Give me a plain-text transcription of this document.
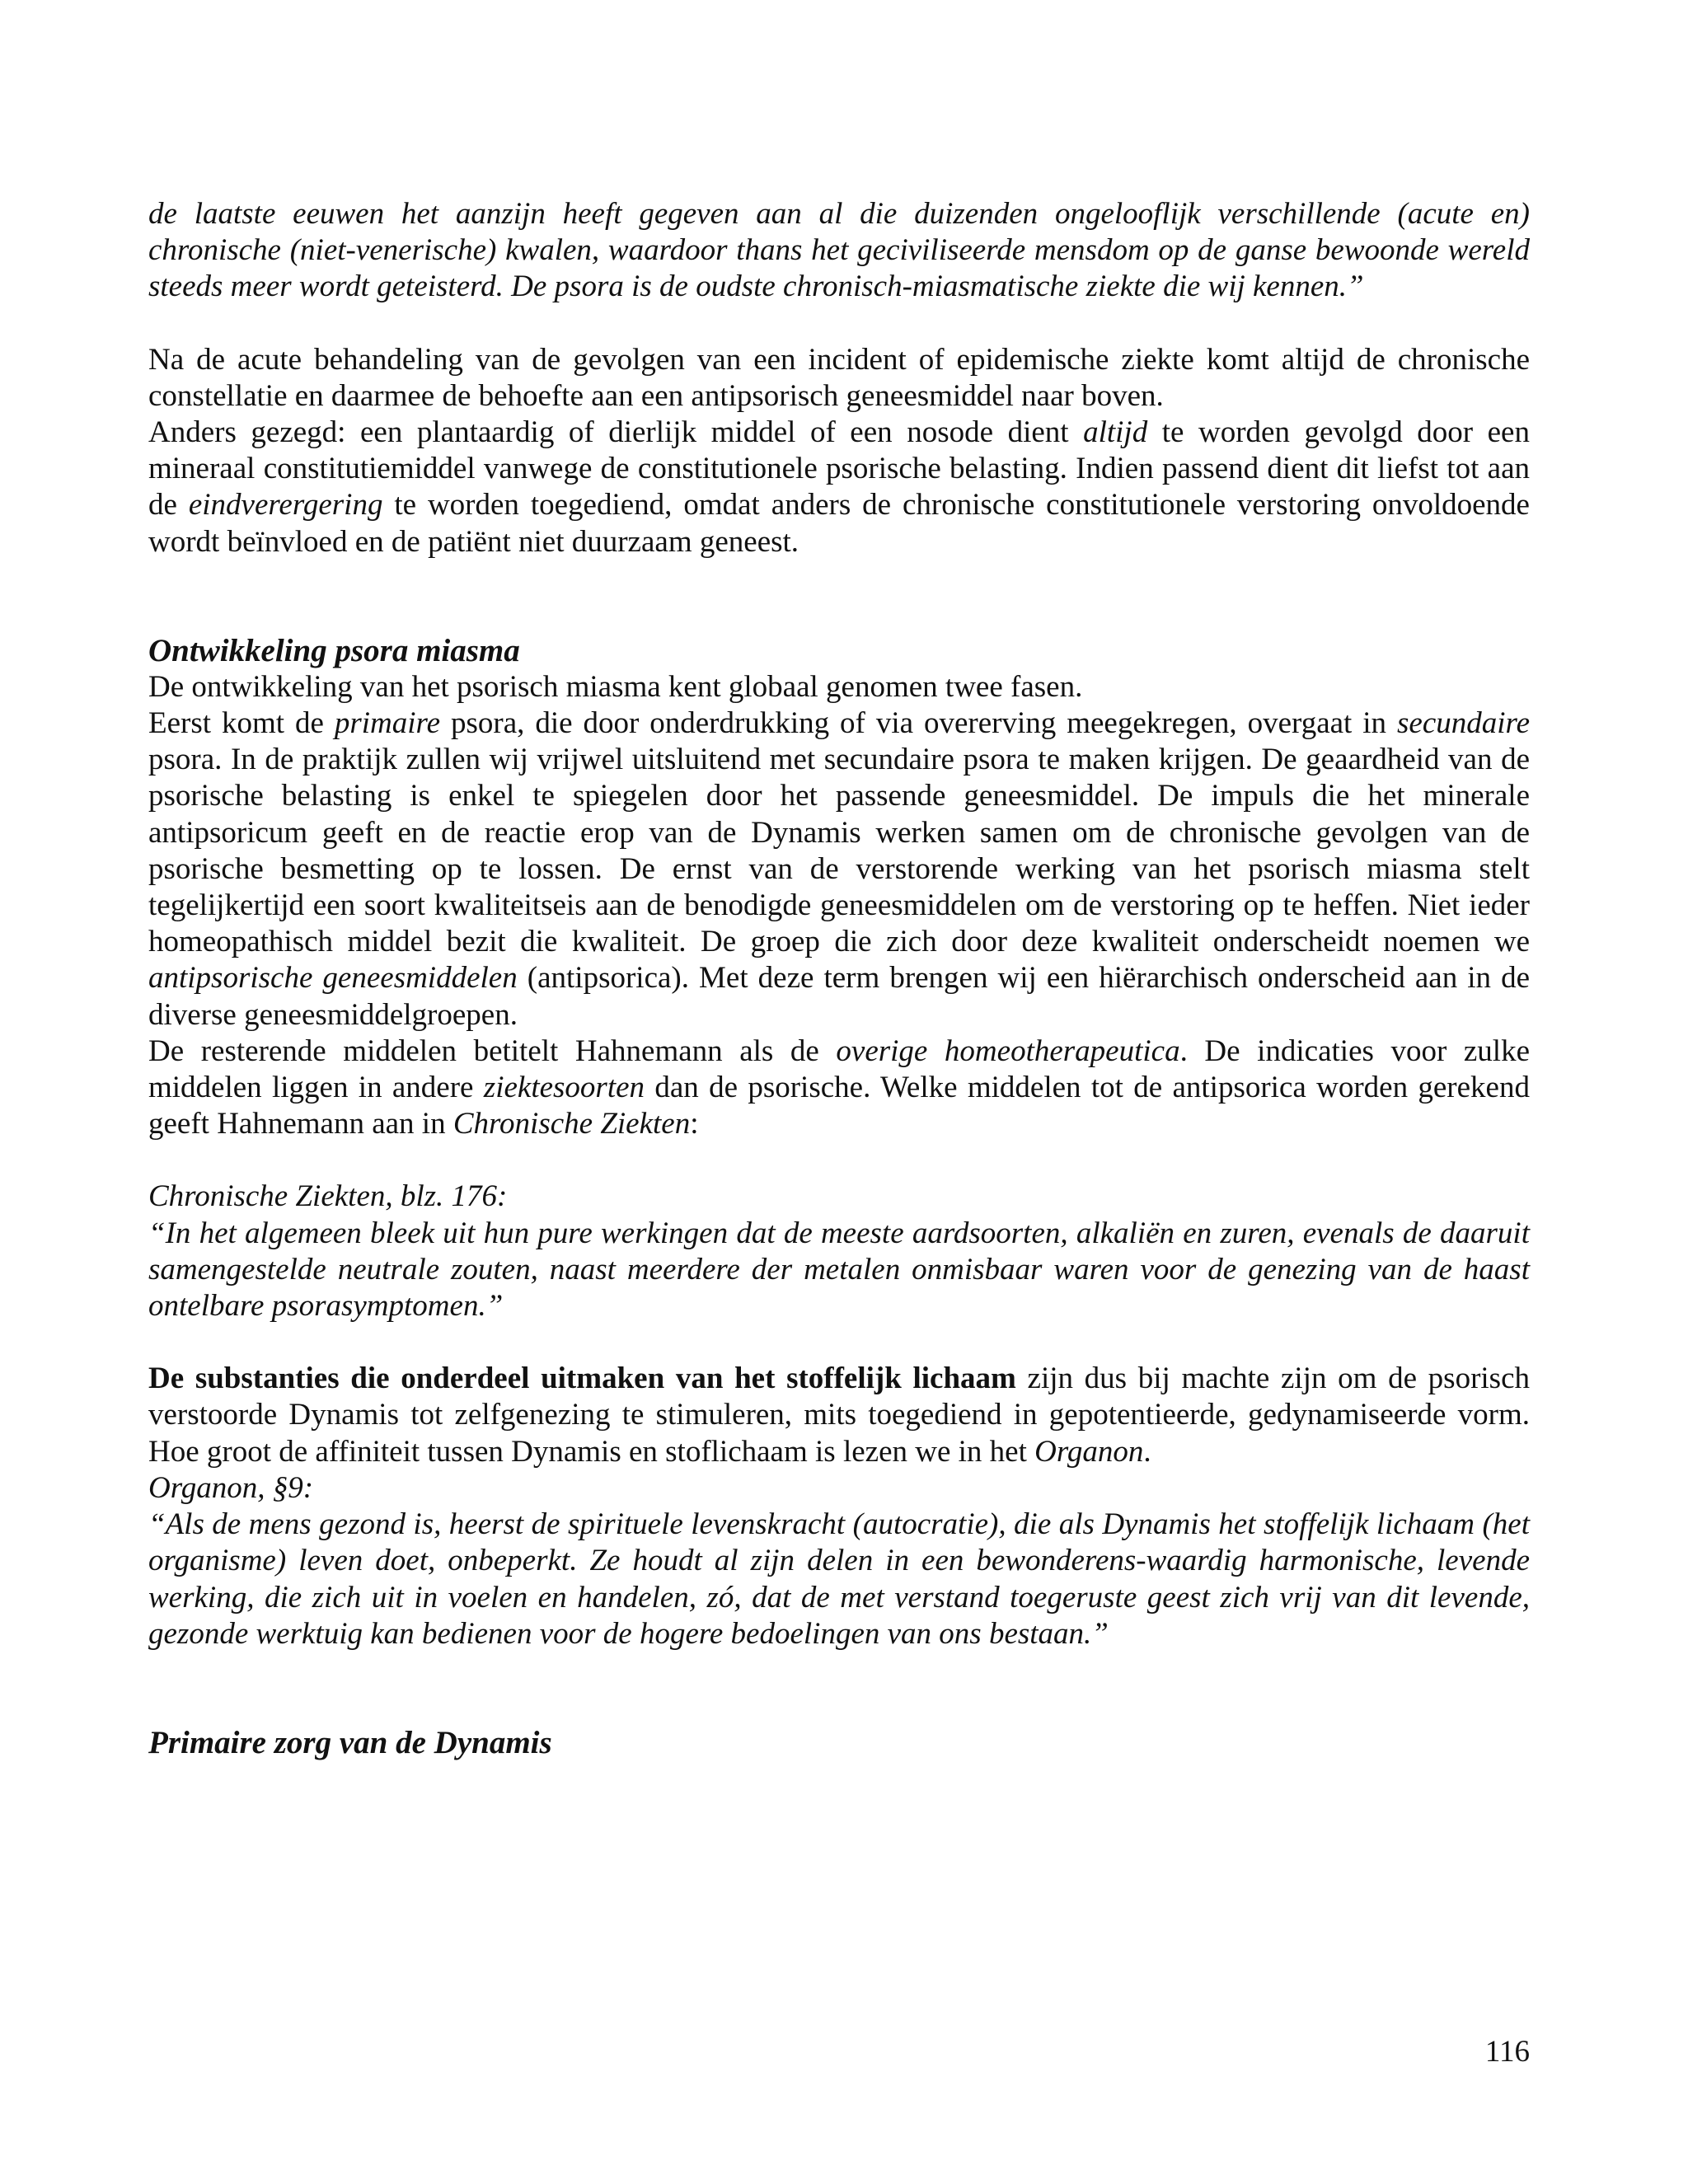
de laatste eeuwen het aanzijn heeft gegeven aan al die duizenden ongelooflijk verschillende (acute en) chronische (niet-venerische) kwalen, waardoor thans het geciviliseerde mensdom op de ganse bewoonde wereld steeds meer wordt geteisterd. De psora is de oudste chronisch-miasmatische ziekte die wij kennen.”

Na de acute behandeling van de gevolgen van een incident of epidemische ziekte komt altijd de chronische constellatie en daarmee de behoefte aan een antipsorisch geneesmiddel naar boven.

Anders gezegd: een plantaardig of dierlijk middel of een nosode dient altijd te worden gevolgd door een mineraal constitutiemiddel vanwege de constitutionele psorische belasting. Indien passend dient dit liefst tot aan de eindverergering te worden toegediend, omdat anders de chronische constitutionele verstoring onvoldoende wordt beïnvloed en de patiënt niet duurzaam geneest.

Ontwikkeling psora miasma

De ontwikkeling van het psorisch miasma kent globaal genomen twee fasen.

Eerst komt de primaire psora, die door onderdrukking of via overerving meegekregen, overgaat in secundaire psora. In de praktijk zullen wij vrijwel uitsluitend met secundaire psora te maken krijgen. De geaardheid van de psorische belasting is enkel te spiegelen door het passende geneesmiddel. De impuls die het minerale antipsoricum geeft en de reactie erop van de Dynamis werken samen om de chronische gevolgen van de psorische besmetting op te lossen. De ernst van de verstorende werking van het psorisch miasma stelt tegelijkertijd een soort kwaliteitseis aan de benodigde geneesmiddelen om de verstoring op te heffen. Niet ieder homeopathisch middel bezit die kwaliteit. De groep die zich door deze kwaliteit onderscheidt noemen we antipsorische geneesmiddelen (antipsorica). Met deze term brengen wij een hiërarchisch onderscheid aan in de diverse geneesmiddelgroepen.

De resterende middelen betitelt Hahnemann als de overige homeotherapeutica. De indicaties voor zulke middelen liggen in andere ziektesoorten dan de psorische. Welke middelen tot de antipsorica worden gerekend geeft Hahnemann aan in Chronische Ziekten:

Chronische Ziekten, blz. 176:

“In het algemeen bleek uit hun pure werkingen dat de meeste aardsoorten, alkaliën en zuren, evenals de daaruit samengestelde neutrale zouten, naast meerdere der metalen onmisbaar waren voor de genezing van de haast ontelbare psorasymptomen.”

De substanties die onderdeel uitmaken van het stoffelijk lichaam zijn dus bij machte zijn om de psorisch verstoorde Dynamis tot zelfgenezing te stimuleren, mits toegediend in gepotentieerde, gedynamiseerde vorm. Hoe groot de affiniteit tussen Dynamis en stoflichaam is lezen we in het Organon.

Organon, §9:

“Als de mens gezond is, heerst de spirituele levenskracht (autocratie), die als Dynamis het stoffelijk lichaam (het organisme) leven doet, onbeperkt. Ze houdt al zijn delen in een bewonderens-waardig harmonische, levende werking, die zich uit in voelen en handelen, zó, dat de met verstand toegeruste geest zich vrij van dit levende, gezonde werktuig kan bedienen voor de hogere bedoelingen van ons bestaan.”

Primaire zorg van de Dynamis

116
